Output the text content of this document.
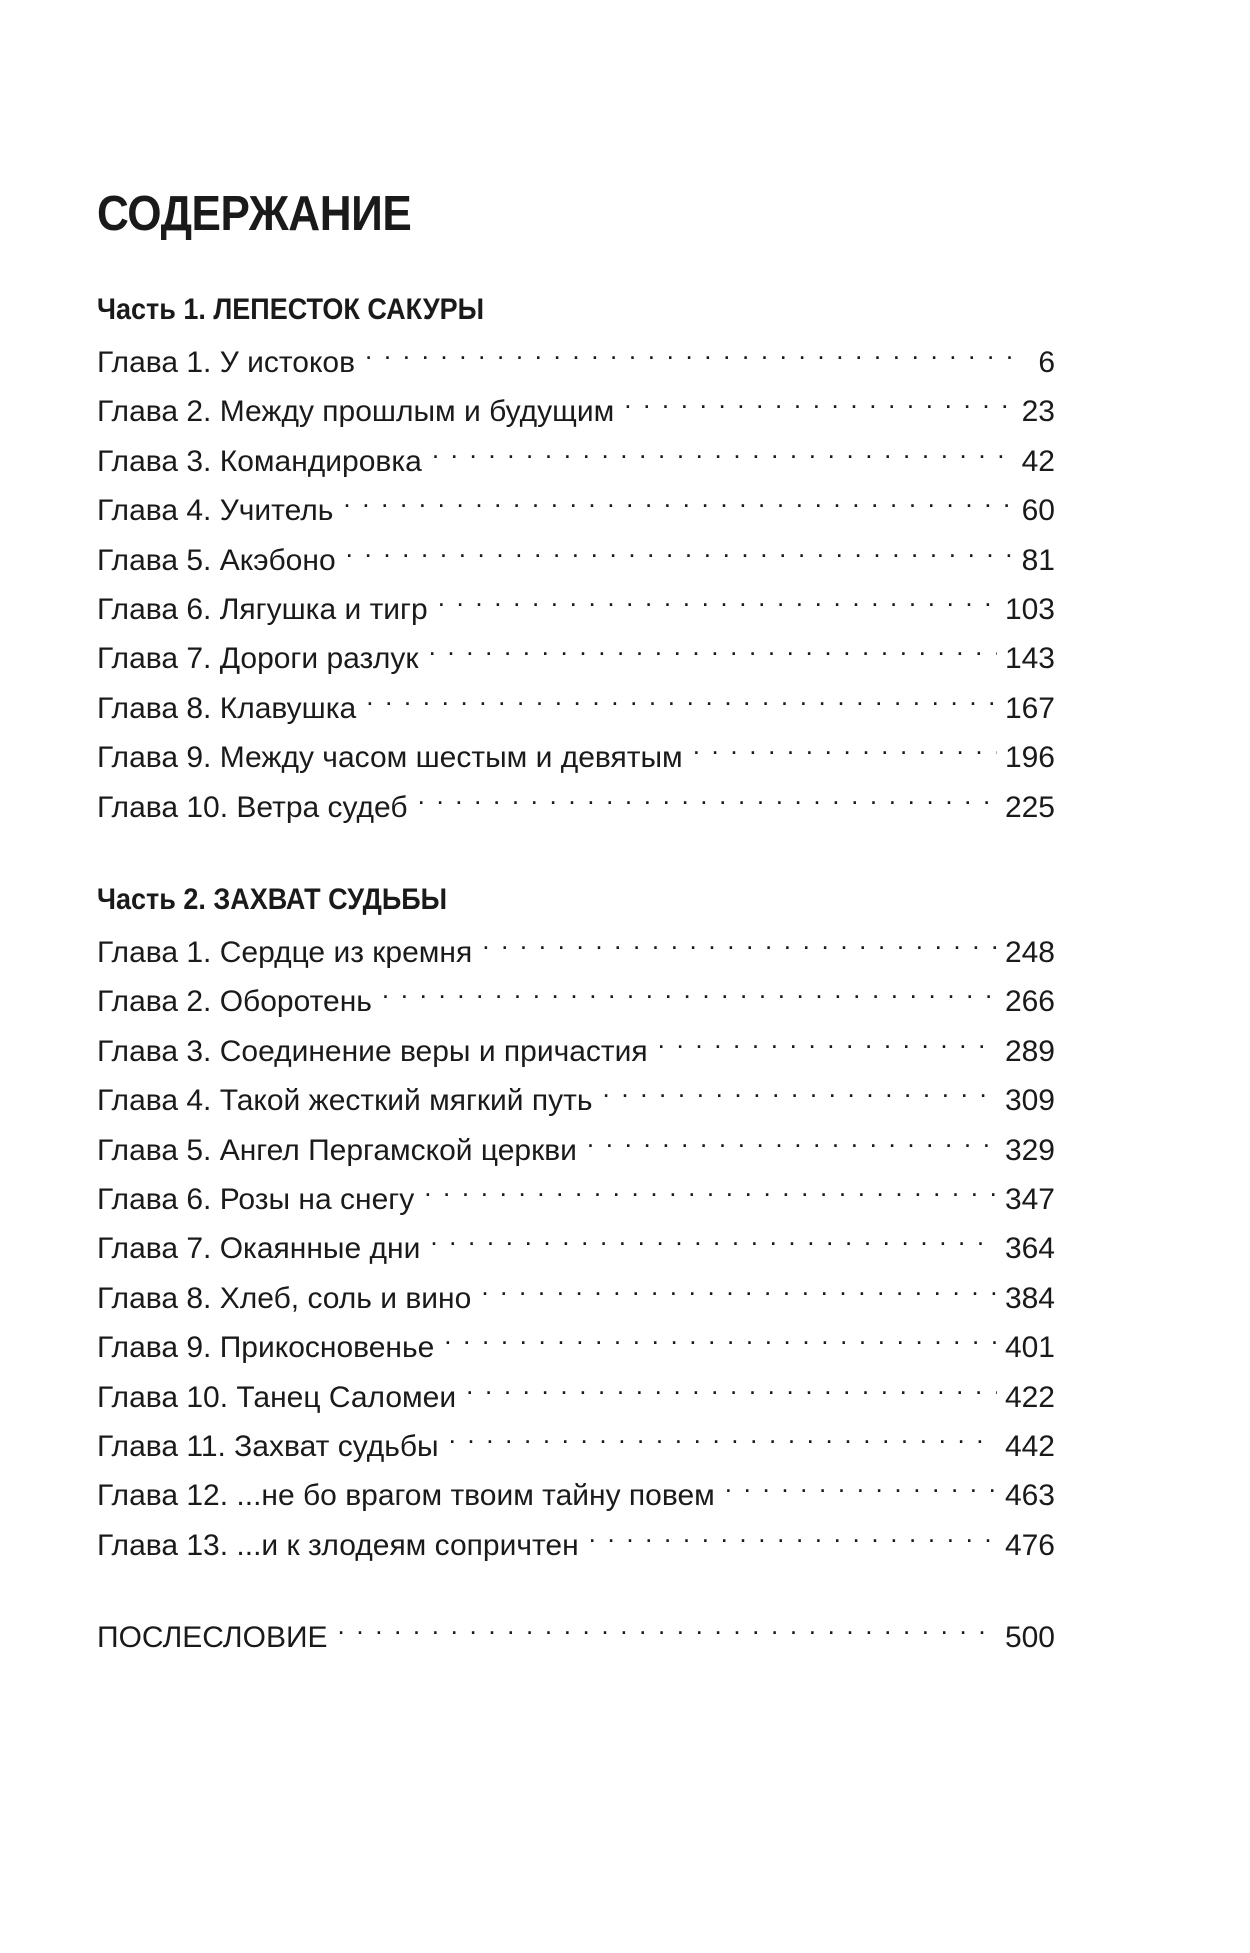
СОДЕРЖАНИЕ
Часть 1. ЛЕПЕСТОК САКУРЫ
Глава 1. У истоков . . .	6
Глава 2. Между прошлым и будущим . . .	23
Глава 3. Командировка . . .	42
Глава 4. Учитель . . .	60
Глава 5. Акэбоно . . .	81
Глава 6. Лягушка и тигр . . .	103
Глава 7. Дороги разлук . . .	143
Глава 8. Клавушка . . .	167
Глава 9. Между часом шестым и девятым . . .	196
Глава 10. Ветра судеб . . .	225
Часть 2. ЗАХВАТ СУДЬБЫ
Глава 1. Сердце из кремня . . .	248
Глава 2. Оборотень . . .	266
Глава 3. Соединение веры и причастия . . .	289
Глава 4. Такой жесткий мягкий путь . . .	309
Глава 5. Ангел Пергамской церкви . . .	329
Глава 6. Розы на снегу . . .	347
Глава 7. Окаянные дни . . .	364
Глава 8. Хлеб, соль и вино . . .	384
Глава 9. Прикосновенье . . .	401
Глава 10. Танец Саломеи . . .	422
Глава 11. Захват судьбы . . .	442
Глава 12. ...не бо врагом твоим тайну повем . . .	463
Глава 13. ...и к злодеям сопричтен . . .	476
ПОСЛЕСЛОВИЕ . . .	500
